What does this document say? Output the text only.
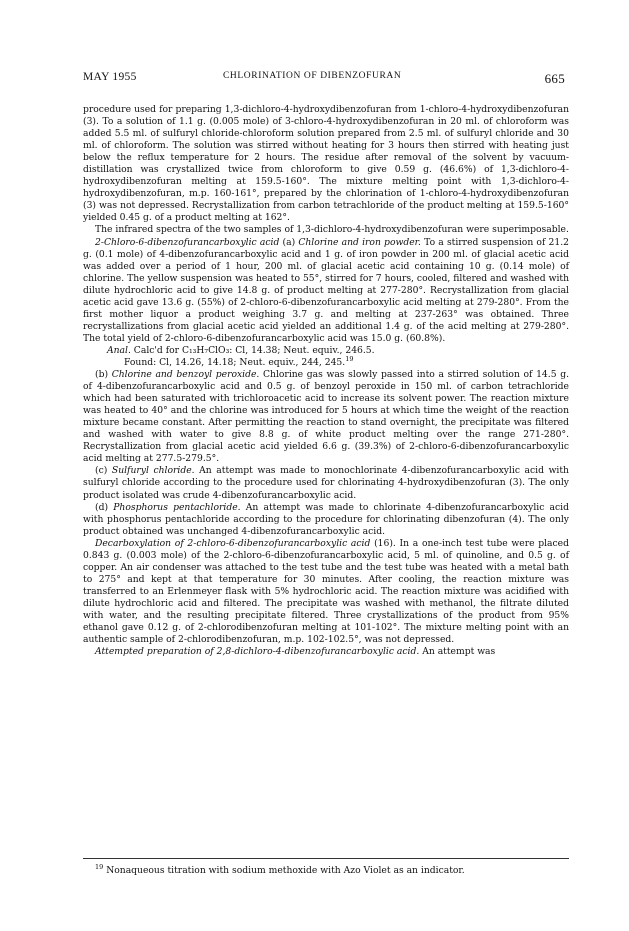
MAY 1955	CHLORINATION OF DIBENZOFURAN	665

procedure used for preparing 1,3-dichloro-4-hydroxydibenzofuran from 1-chloro-4-hydroxydibenzofuran (3). To a solution of 1.1 g. (0.005 mole) of 3-chloro-4-hydroxydibenzofuran in 20 ml. of chloroform was added 5.5 ml. of sulfuryl chloride-chloroform solution prepared from 2.5 ml. of sulfuryl chloride and 30 ml. of chloroform. The solution was stirred without heating for 3 hours then stirred with heating just below the reflux temperature for 2 hours. The residue after removal of the solvent by vacuum-distillation was crystallized twice from chloroform to give 0.59 g. (46.6%) of 1,3-dichloro-4-hydroxydibenzofuran melting at 159.5-160°. The mixture melting point with 1,3-dichloro-4-hydroxydibenzofuran, m.p. 160-161°, prepared by the chlorination of 1-chloro-4-hydroxydibenzofuran (3) was not depressed. Recrystallization from carbon tetrachloride of the product melting at 159.5-160° yielded 0.45 g. of a product melting at 162°.

The infrared spectra of the two samples of 1,3-dichloro-4-hydroxydibenzofuran were superimposable.

2-Chloro-6-dibenzofurancarboxylic acid (a) Chlorine and iron powder. To a stirred suspension of 21.2 g. (0.1 mole) of 4-dibenzofurancarboxylic acid and 1 g. of iron powder in 200 ml. of glacial acetic acid was added over a period of 1 hour, 200 ml. of glacial acetic acid containing 10 g. (0.14 mole) of chlorine. The yellow suspension was heated to 55°, stirred for 7 hours, cooled, filtered and washed with dilute hydrochloric acid to give 14.8 g. of product melting at 277-280°. Recrystallization from glacial acetic acid gave 13.6 g. (55%) of 2-chloro-6-dibenzofurancarboxylic acid melting at 279-280°. From the first mother liquor a product weighing 3.7 g. and melting at 237-263° was obtained. Three recrystallizations from glacial acetic acid yielded an additional 1.4 g. of the acid melting at 279-280°. The total yield of 2-chloro-6-dibenzofurancarboxylic acid was 15.0 g. (60.8%).

Anal. Calc'd for C₁₃H₇ClO₃: Cl, 14.38; Neut. equiv., 246.5.

Found: Cl, 14.26, 14.18; Neut. equiv., 244, 245.19

(b) Chlorine and benzoyl peroxide. Chlorine gas was slowly passed into a stirred solution of 14.5 g. of 4-dibenzofurancarboxylic acid and 0.5 g. of benzoyl peroxide in 150 ml. of carbon tetrachloride which had been saturated with trichloroacetic acid to increase its solvent power. The reaction mixture was heated to 40° and the chlorine was introduced for 5 hours at which time the weight of the reaction mixture became constant. After permitting the reaction to stand overnight, the precipitate was filtered and washed with water to give 8.8 g. of white product melting over the range 271-280°. Recrystallization from glacial acetic acid yielded 6.6 g. (39.3%) of 2-chloro-6-dibenzofurancarboxylic acid melting at 277.5-279.5°.

(c) Sulfuryl chloride. An attempt was made to monochlorinate 4-dibenzofurancarboxylic acid with sulfuryl chloride according to the procedure used for chlorinating 4-hydroxydibenzofuran (3). The only product isolated was crude 4-dibenzofurancarboxylic acid.

(d) Phosphorus pentachloride. An attempt was made to chlorinate 4-dibenzofurancarboxylic acid with phosphorus pentachloride according to the procedure for chlorinating dibenzofuran (4). The only product obtained was unchanged 4-dibenzofurancarboxylic acid.

Decarboxylation of 2-chloro-6-dibenzofurancarboxylic acid (16). In a one-inch test tube were placed 0.843 g. (0.003 mole) of the 2-chloro-6-dibenzofurancarboxylic acid, 5 ml. of quinoline, and 0.5 g. of copper. An air condenser was attached to the test tube and the test tube was heated with a metal bath to 275° and kept at that temperature for 30 minutes. After cooling, the reaction mixture was transferred to an Erlenmeyer flask with 5% hydrochloric acid. The reaction mixture was acidified with dilute hydrochloric acid and filtered. The precipitate was washed with methanol, the filtrate diluted with water, and the resulting precipitate filtered. Three crystallizations of the product from 95% ethanol gave 0.12 g. of 2-chlorodibenzofuran melting at 101-102°. The mixture melting point with an authentic sample of 2-chlorodibenzofuran, m.p. 102-102.5°, was not depressed.

Attempted preparation of 2,8-dichloro-4-dibenzofurancarboxylic acid. An attempt was

$^{19}$ Nonaqueous titration with sodium methoxide with Azo Violet as an indicator.
